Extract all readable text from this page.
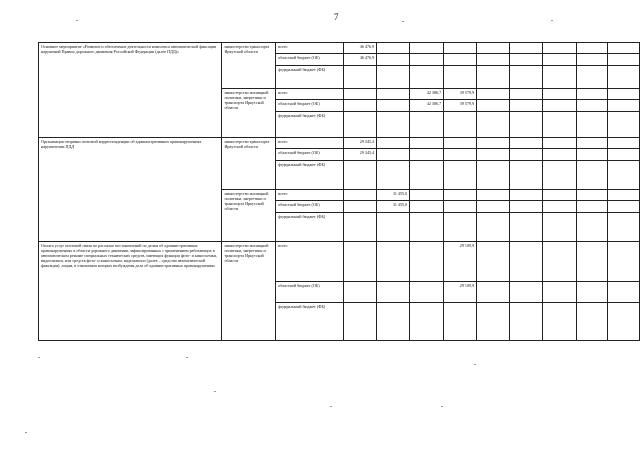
7
Основное мероприятие «Развитие и обеспечение деятельности комплекса автоматической фиксации нарушений Правил дорожного движения Российской Федерации (далее ПДД)»	министерство транспорта Иркутской области	всего	46 476,9								
		областной бюджет (ОБ)	46 476,9								
		федеральный бюджет (ФБ)									
	министерство жилищной политики, энергетики и транспорта Иркутской области	всего			42 386,7	39 579,9					
		областной бюджет (ОБ)			42 386,7	39 579,9					
		федеральный бюджет (ФБ)									
Организация отправки почтовой корреспонденции об административных правонарушениях нарушителям ПДД	министерство транспорта Иркутской области	всего	29 345,4								
		областной бюджет (ОБ)	29 345,4								
		федеральный бюджет (ФБ)									
	министерство жилищной политики, энергетики и транспорта Иркутской области	всего		31 455,0							
		областной бюджет (ОБ)		31 455,0							
		федеральный бюджет (ФБ)									
Оплата услуг почтовой связи по рассылке постановлений по делам об административных правонарушениях в области дорожного движения, зафиксированных с применением работающих в автоматическом режиме специальных технических средств, имеющих функции фото- и киносъемки, видеозаписи, или средств фото- и киносъемки, видеозаписи (далее – средства автоматической фиксации), лицам, в отношении которых возбуждены дела об административных правонарушениях	министерство жилищной политики, энергетики и транспорта Иркутской области	всего				29 109,9					
		областной бюджет (ОБ)				29 109,9					
		федеральный бюджет (ФБ)									
